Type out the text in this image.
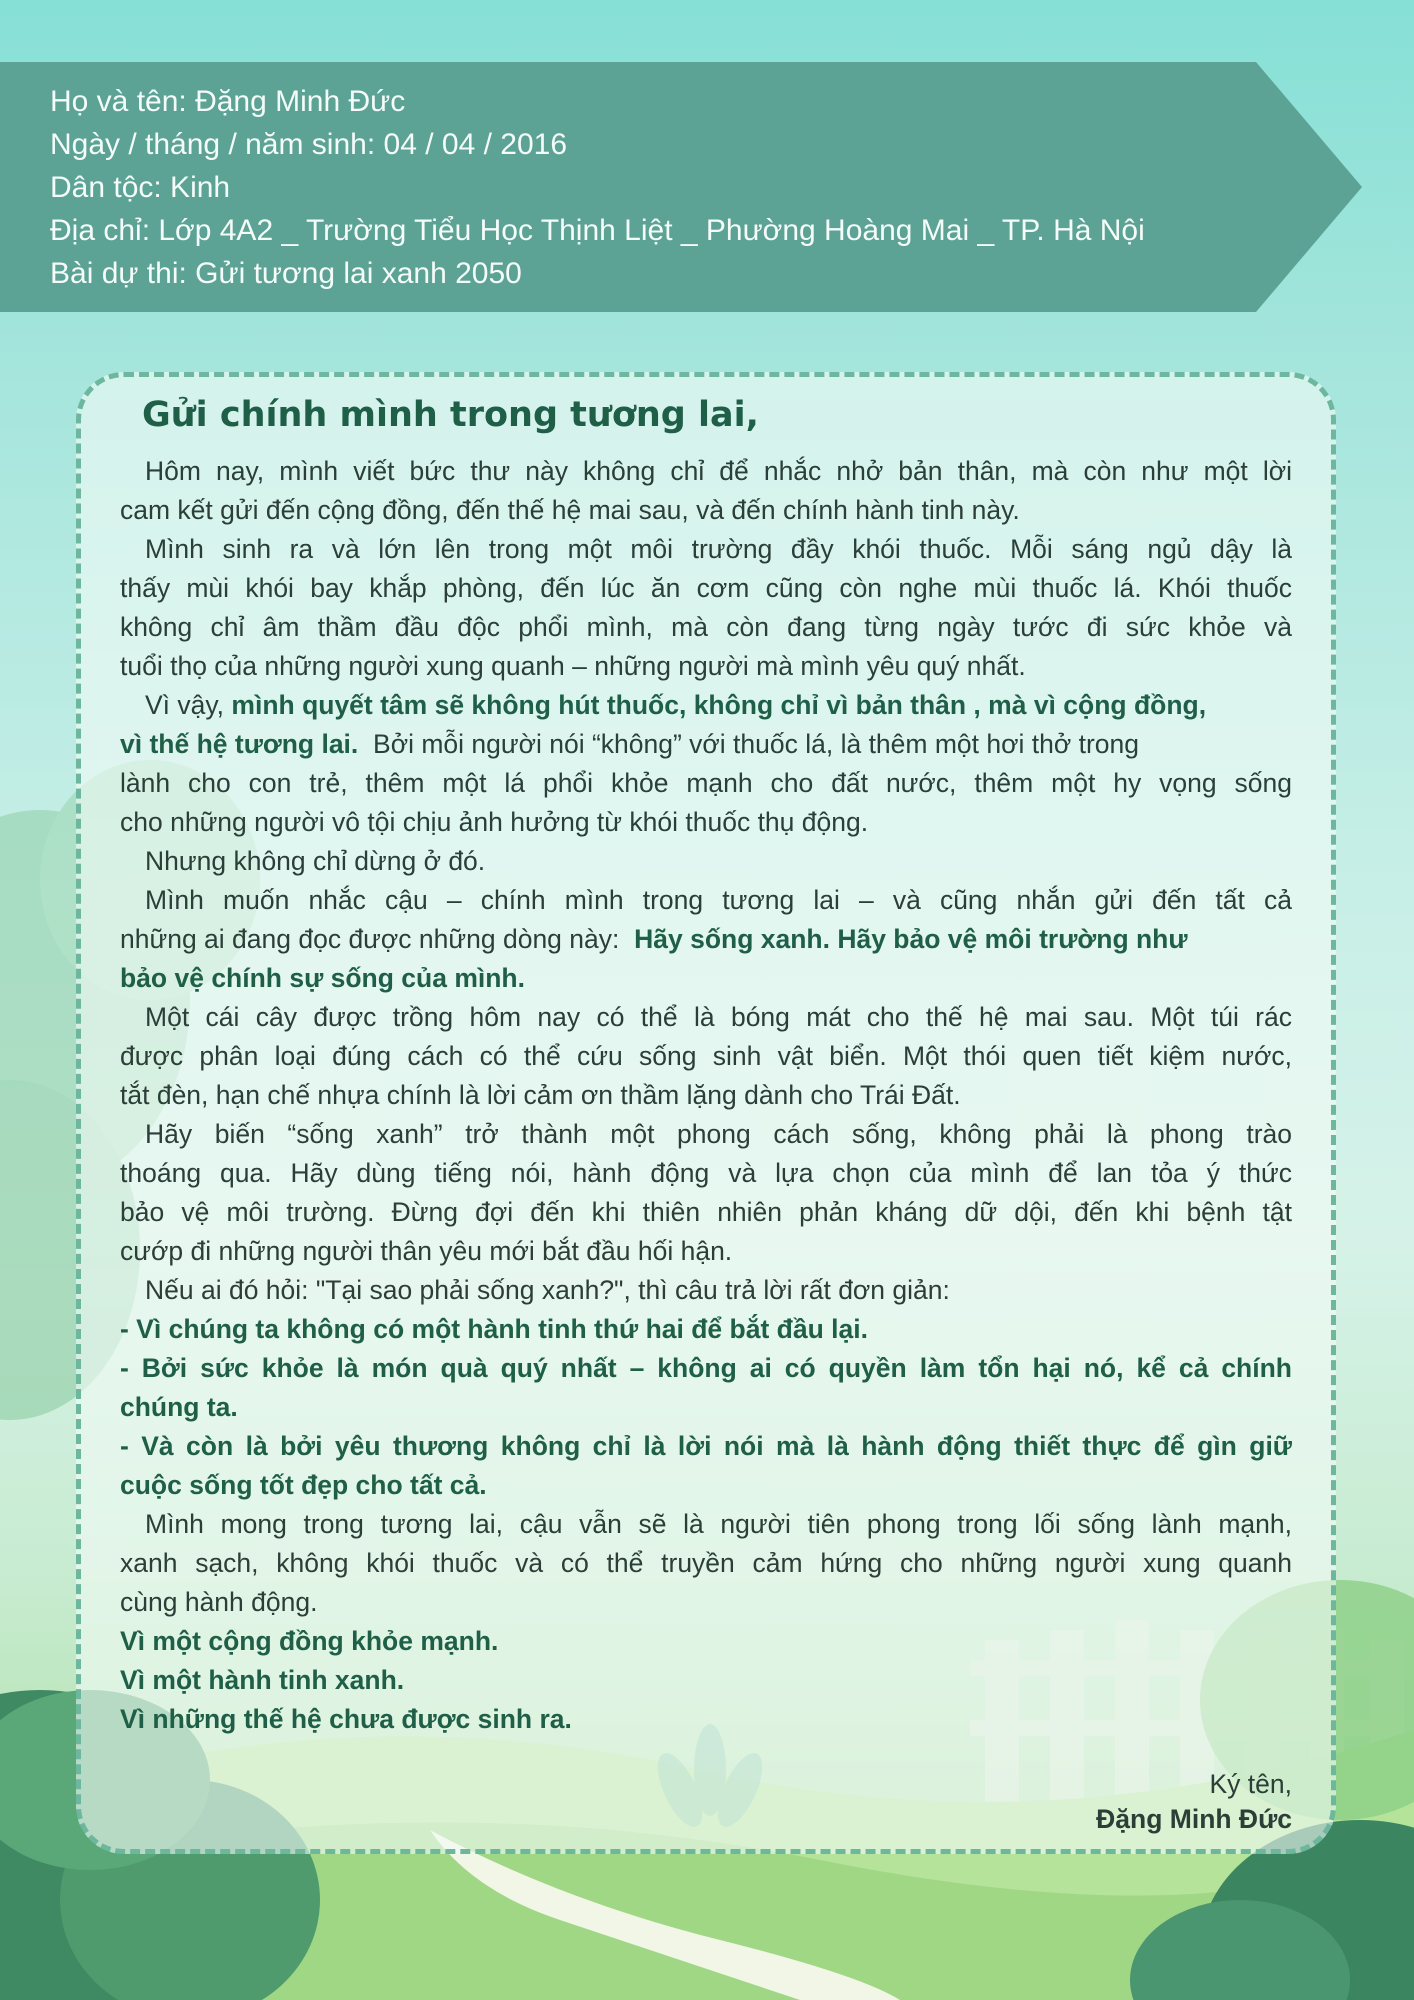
Họ và tên: Đặng Minh Đức
Ngày / tháng / năm sinh: 04 / 04 / 2016
Dân tộc: Kinh
Địa chỉ: Lớp 4A2 _ Trường Tiểu Học Thịnh Liệt _ Phường Hoàng Mai _ TP. Hà Nội
Bài dự thi: Gửi tương lai xanh 2050
Gửi chính mình trong tương lai,
Hôm nay, mình viết bức thư này không chỉ để nhắc nhở bản thân, mà còn như một lời
cam kết gửi đến cộng đồng, đến thế hệ mai sau, và đến chính hành tinh này.
Mình sinh ra và lớn lên trong một môi trường đầy khói thuốc. Mỗi sáng ngủ dậy là
thấy mùi khói bay khắp phòng, đến lúc ăn cơm cũng còn nghe mùi thuốc lá. Khói thuốc
không chỉ âm thầm đầu độc phổi mình, mà còn đang từng ngày tước đi sức khỏe và
tuổi thọ của những người xung quanh – những người mà mình yêu quý nhất.
Vì vậy, mình quyết tâm sẽ không hút thuốc, không chỉ vì bản thân , mà vì cộng đồng,
vì thế hệ tương lai. Bởi mỗi người nói “không” với thuốc lá, là thêm một hơi thở trong
lành cho con trẻ, thêm một lá phổi khỏe mạnh cho đất nước, thêm một hy vọng sống
cho những người vô tội chịu ảnh hưởng từ khói thuốc thụ động.
Nhưng không chỉ dừng ở đó.
Mình muốn nhắc cậu – chính mình trong tương lai – và cũng nhắn gửi đến tất cả
những ai đang đọc được những dòng này: Hãy sống xanh. Hãy bảo vệ môi trường như
bảo vệ chính sự sống của mình.
Một cái cây được trồng hôm nay có thể là bóng mát cho thế hệ mai sau. Một túi rác
được phân loại đúng cách có thể cứu sống sinh vật biển. Một thói quen tiết kiệm nước,
tắt đèn, hạn chế nhựa chính là lời cảm ơn thầm lặng dành cho Trái Đất.
Hãy biến “sống xanh” trở thành một phong cách sống, không phải là phong trào
thoáng qua. Hãy dùng tiếng nói, hành động và lựa chọn của mình để lan tỏa ý thức
bảo vệ môi trường. Đừng đợi đến khi thiên nhiên phản kháng dữ dội, đến khi bệnh tật
cướp đi những người thân yêu mới bắt đầu hối hận.
Nếu ai đó hỏi: "Tại sao phải sống xanh?", thì câu trả lời rất đơn giản:
- Vì chúng ta không có một hành tinh thứ hai để bắt đầu lại.
- Bởi sức khỏe là món quà quý nhất – không ai có quyền làm tổn hại nó, kể cả chính
chúng ta.
- Và còn là bởi yêu thương không chỉ là lời nói mà là hành động thiết thực để gìn giữ
cuộc sống tốt đẹp cho tất cả.
Mình mong trong tương lai, cậu vẫn sẽ là người tiên phong trong lối sống lành mạnh,
xanh sạch, không khói thuốc và có thể truyền cảm hứng cho những người xung quanh
cùng hành động.
Vì một cộng đồng khỏe mạnh.
Vì một hành tinh xanh.
Vì những thế hệ chưa được sinh ra.
Ký tên,
Đặng Minh Đức
